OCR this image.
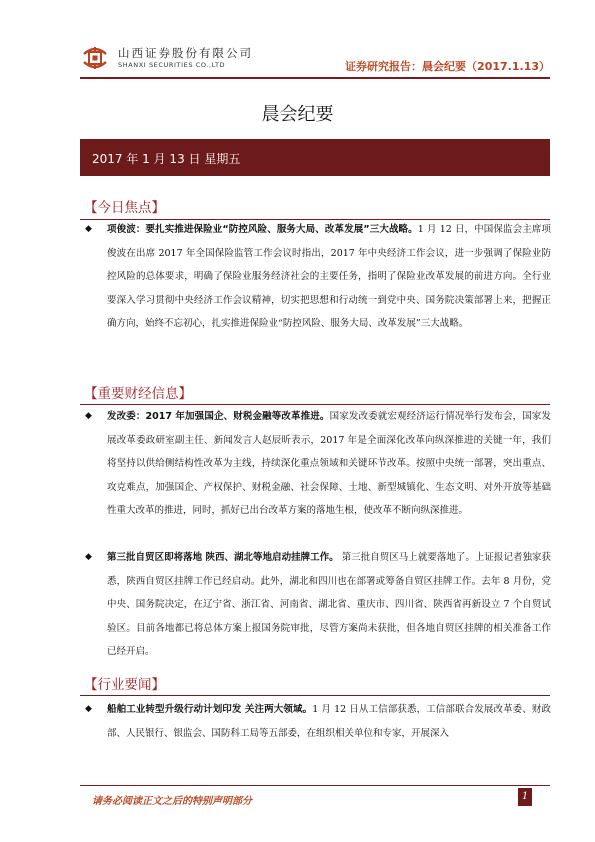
山西证券股份有限公司
SHANXI SECURITIES CO.,LTD	证券研究报告：晨会纪要（2017.1.13）
晨会纪要
2017 年 1 月 13 日 星期五
【今日焦点】
◆ 项俊波：要扎实推进保险业“防控风险、服务大局、改革发展”三大战略。1 月 12 日，中国保监会主席项俊波在出席 2017 年全国保险监管工作会议时指出，2017 年中央经济工作会议，进一步强调了保险业防控风险的总体要求，明确了保险业服务经济社会的主要任务，指明了保险业改革发展的前进方向。全行业要深入学习贯彻中央经济工作会议精神，切实把思想和行动统一到党中央、国务院决策部署上来，把握正确方向，始终不忘初心，扎实推进保险业“防控风险、服务大局、改革发展”三大战略。
【重要财经信息】
◆ 发改委：2017 年加强国企、财税金融等改革推进。国家发改委就宏观经济运行情况举行发布会，国家发展改革委政研室副主任、新闻发言人赵辰昕表示，2017 年是全面深化改革向纵深推进的关键一年，我们将坚持以供给侧结构性改革为主线，持续深化重点领域和关键环节改革。按照中央统一部署，突出重点、攻克难点，加强国企、产权保护、财税金融、社会保障、土地、新型城镇化、生态文明、对外开放等基础性重大改革的推进，同时，抓好已出台改革方案的落地生根，使改革不断向纵深推进。
◆ 第三批自贸区即将落地 陕西、湖北等地启动挂牌工作。 第三批自贸区马上就要落地了。上证报记者独家获悉，陕西自贸区挂牌工作已经启动。此外，湖北和四川也在部署或筹备自贸区挂牌工作。去年 8 月份，党中央、国务院决定，在辽宁省、浙江省、河南省、湖北省、重庆市、四川省、陕西省再新设立 7 个自贸试验区。目前各地都已将总体方案上报国务院审批，尽管方案尚未获批，但各地自贸区挂牌的相关准备工作已经开启。
【行业要闻】
◆ 船舶工业转型升级行动计划印发 关注两大领域。1 月 12 日从工信部获悉，工信部联合发展改革委、财政部、人民银行、银监会、国防科工局等五部委，在组织相关单位和专家，开展深入
请务必阅读正文之后的特别声明部分	1
